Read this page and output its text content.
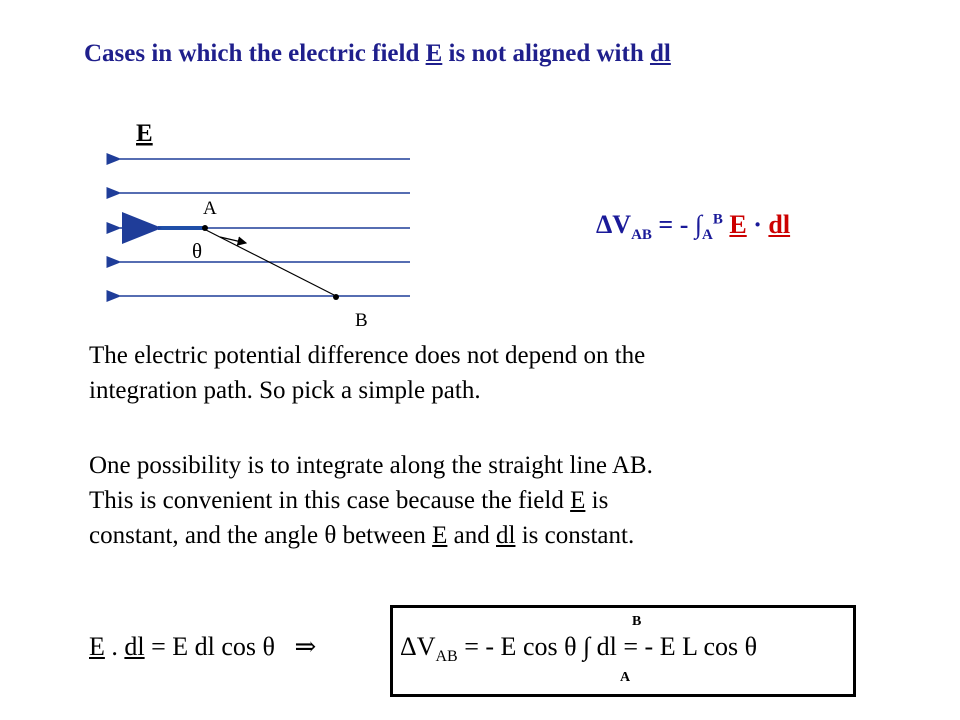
Cases in which the electric field E is not aligned with dl
E
A
B
θ
$\Delta V_{AB}$ = - $\int_A^B$ E · dl
The electric potential difference does not depend on the
integration path. So pick a simple path.
One possibility is to integrate along the straight line AB.
This is convenient in this case because the field E is
constant, and the angle θ between E and dl is constant.
E . dl = E dl cos θ ⇒	$\Delta V_{AB}$ = - E cos θ ∫ dl = - E L cos θ
B
A
